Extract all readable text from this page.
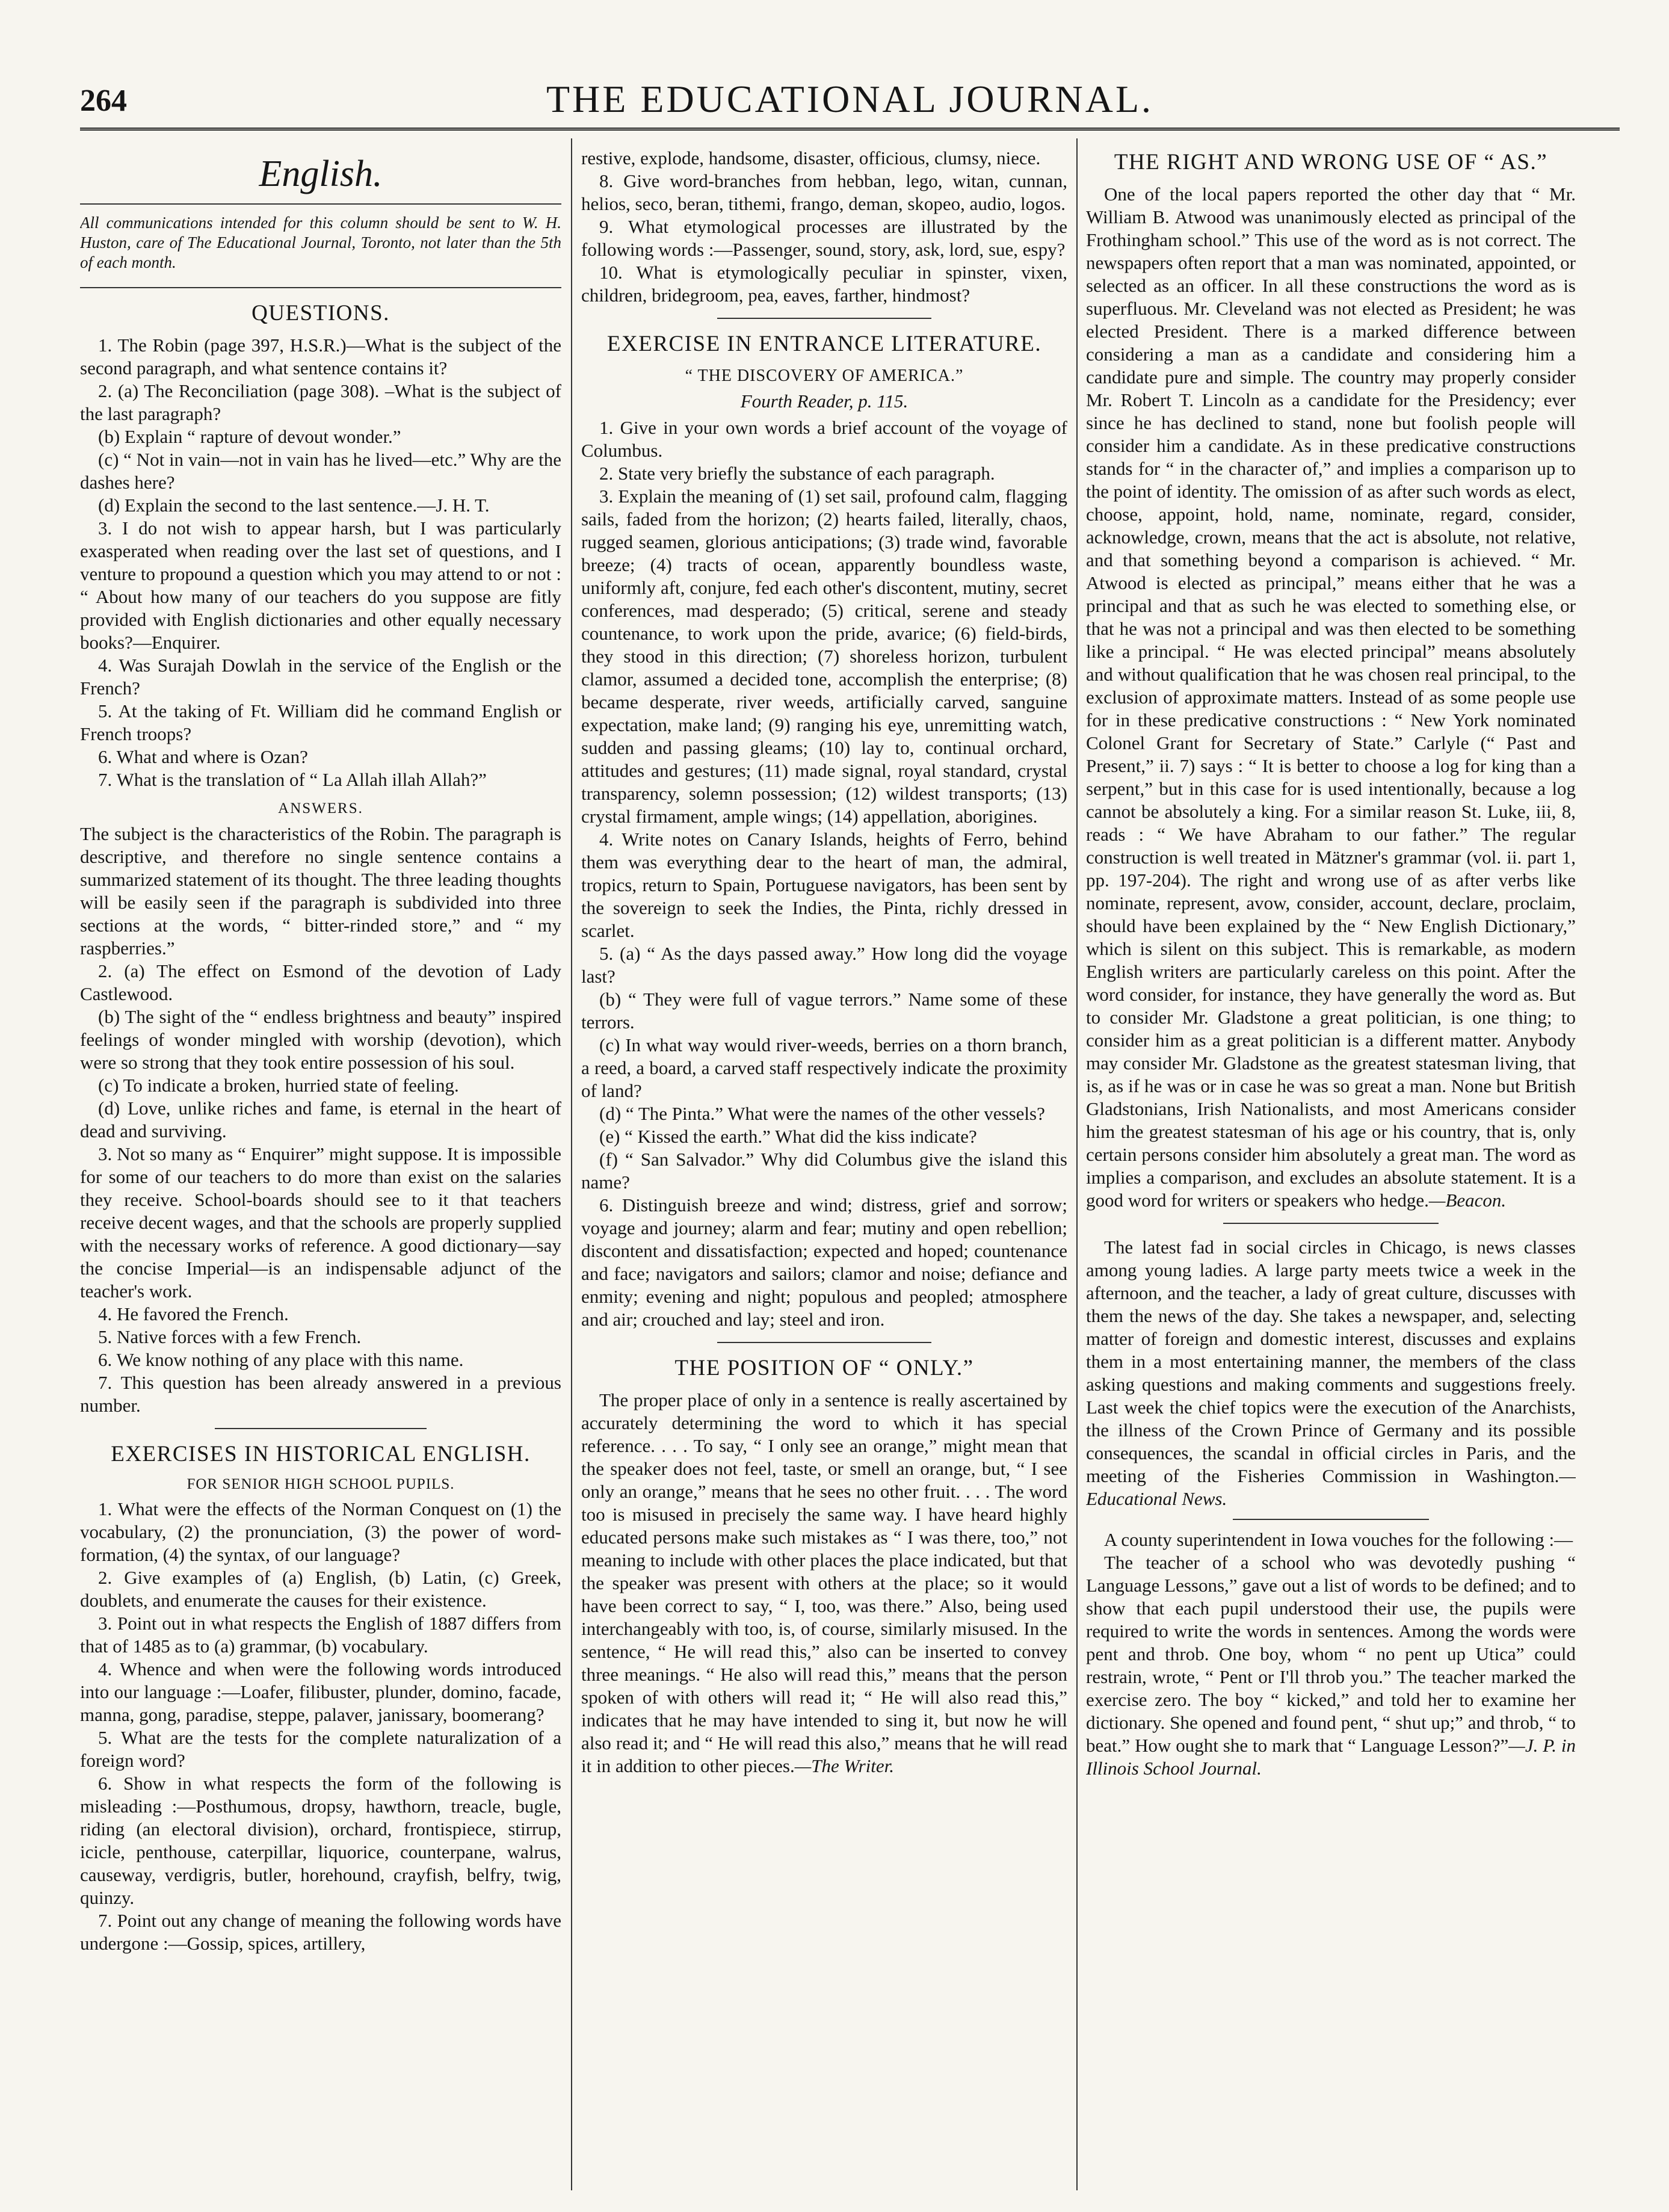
264	THE EDUCATIONAL JOURNAL.
English.

All communications intended for this column should be sent to W. H. Huston, care of The Educational Journal, Toronto, not later than the 5th of each month.

QUESTIONS.

1. The Robin (page 397, H.S.R.)—What is the subject of the second paragraph, and what sentence contains it?

2. (a) The Reconciliation (page 308). –What is the subject of the last paragraph?

(b) Explain “ rapture of devout wonder.”

(c) “ Not in vain—not in vain has he lived—etc.” Why are the dashes here?

(d) Explain the second to the last sentence.—J. H. T.

3. I do not wish to appear harsh, but I was particularly exasperated when reading over the last set of questions, and I venture to propound a question which you may attend to or not : “ About how many of our teachers do you suppose are fitly provided with English dictionaries and other equally necessary books?—Enquirer.

4. Was Surajah Dowlah in the service of the English or the French?

5. At the taking of Ft. William did he command English or French troops?

6. What and where is Ozan?

7. What is the translation of “ La Allah illah Allah?”

ANSWERS.

The subject is the characteristics of the Robin. The paragraph is descriptive, and therefore no single sentence contains a summarized statement of its thought. The three leading thoughts will be easily seen if the paragraph is subdivided into three sections at the words, “ bitter-rinded store,” and “ my raspberries.”

2. (a) The effect on Esmond of the devotion of Lady Castlewood.

(b) The sight of the “ endless brightness and beauty” inspired feelings of wonder mingled with worship (devotion), which were so strong that they took entire possession of his soul.

(c) To indicate a broken, hurried state of feeling.

(d) Love, unlike riches and fame, is eternal in the heart of dead and surviving.

3. Not so many as “ Enquirer” might suppose. It is impossible for some of our teachers to do more than exist on the salaries they receive. School-boards should see to it that teachers receive decent wages, and that the schools are properly supplied with the necessary works of reference. A good dictionary—say the concise Imperial—is an indispensable adjunct of the teacher's work.

4. He favored the French.

5. Native forces with a few French.

6. We know nothing of any place with this name.

7. This question has been already answered in a previous number.

EXERCISES IN HISTORICAL ENGLISH.
FOR SENIOR HIGH SCHOOL PUPILS.

1. What were the effects of the Norman Conquest on (1) the vocabulary, (2) the pronunciation, (3) the power of word-formation, (4) the syntax, of our language?

2. Give examples of (a) English, (b) Latin, (c) Greek, doublets, and enumerate the causes for their existence.

3. Point out in what respects the English of 1887 differs from that of 1485 as to (a) grammar, (b) vocabulary.

4. Whence and when were the following words introduced into our language :—Loafer, filibuster, plunder, domino, facade, manna, gong, paradise, steppe, palaver, janissary, boomerang?

5. What are the tests for the complete naturalization of a foreign word?

6. Show in what respects the form of the following is misleading :—Posthumous, dropsy, hawthorn, treacle, bugle, riding (an electoral division), orchard, frontispiece, stirrup, icicle, penthouse, caterpillar, liquorice, counterpane, walrus, causeway, verdigris, butler, horehound, crayfish, belfry, twig, quinzy.

7. Point out any change of meaning the following words have undergone :—Gossip, spices, artillery,

restive, explode, handsome, disaster, officious, clumsy, niece.

8. Give word-branches from hebban, lego, witan, cunnan, helios, seco, beran, tithemi, frango, deman, skopeo, audio, logos.

9. What etymological processes are illustrated by the following words :—Passenger, sound, story, ask, lord, sue, espy?

10. What is etymologically peculiar in spinster, vixen, children, bridegroom, pea, eaves, farther, hindmost?

EXERCISE IN ENTRANCE LITERATURE.
“ THE DISCOVERY OF AMERICA.”
Fourth Reader, p. 115.

1. Give in your own words a brief account of the voyage of Columbus.

2. State very briefly the substance of each paragraph.

3. Explain the meaning of (1) set sail, profound calm, flagging sails, faded from the horizon; (2) hearts failed, literally, chaos, rugged seamen, glorious anticipations; (3) trade wind, favorable breeze; (4) tracts of ocean, apparently boundless waste, uniformly aft, conjure, fed each other's discontent, mutiny, secret conferences, mad desperado; (5) critical, serene and steady countenance, to work upon the pride, avarice; (6) field-birds, they stood in this direction; (7) shoreless horizon, turbulent clamor, assumed a decided tone, accomplish the enterprise; (8) became desperate, river weeds, artificially carved, sanguine expectation, make land; (9) ranging his eye, unremitting watch, sudden and passing gleams; (10) lay to, continual orchard, attitudes and gestures; (11) made signal, royal standard, crystal transparency, solemn possession; (12) wildest transports; (13) crystal firmament, ample wings; (14) appellation, aborigines.

4. Write notes on Canary Islands, heights of Ferro, behind them was everything dear to the heart of man, the admiral, tropics, return to Spain, Portuguese navigators, has been sent by the sovereign to seek the Indies, the Pinta, richly dressed in scarlet.

5. (a) “ As the days passed away.” How long did the voyage last?

(b) “ They were full of vague terrors.” Name some of these terrors.

(c) In what way would river-weeds, berries on a thorn branch, a reed, a board, a carved staff respectively indicate the proximity of land?

(d) “ The Pinta.” What were the names of the other vessels?

(e) “ Kissed the earth.” What did the kiss indicate?

(f) “ San Salvador.” Why did Columbus give the island this name?

6. Distinguish breeze and wind; distress, grief and sorrow; voyage and journey; alarm and fear; mutiny and open rebellion; discontent and dissatisfaction; expected and hoped; countenance and face; navigators and sailors; clamor and noise; defiance and enmity; evening and night; populous and peopled; atmosphere and air; crouched and lay; steel and iron.

THE POSITION OF “ ONLY.”

The proper place of only in a sentence is really ascertained by accurately determining the word to which it has special reference. . . . To say, “ I only see an orange,” might mean that the speaker does not feel, taste, or smell an orange, but, “ I see only an orange,” means that he sees no other fruit. . . . The word too is misused in precisely the same way. I have heard highly educated persons make such mistakes as “ I was there, too,” not meaning to include with other places the place indicated, but that the speaker was present with others at the place; so it would have been correct to say, “ I, too, was there.” Also, being used interchangeably with too, is, of course, similarly misused. In the sentence, “ He will read this,” also can be inserted to convey three meanings. “ He also will read this,” means that the person spoken of with others will read it; “ He will also read this,” indicates that he may have intended to sing it, but now he will also read it; and “ He will read this also,” means that he will read it in addition to other pieces.—The Writer.

THE RIGHT AND WRONG USE OF “ AS.”

One of the local papers reported the other day that “ Mr. William B. Atwood was unanimously elected as principal of the Frothingham school.” This use of the word as is not correct. The newspapers often report that a man was nominated, appointed, or selected as an officer. In all these constructions the word as is superfluous. Mr. Cleveland was not elected as President; he was elected President. There is a marked difference between considering a man as a candidate and considering him a candidate pure and simple. The country may properly consider Mr. Robert T. Lincoln as a candidate for the Presidency; ever since he has declined to stand, none but foolish people will consider him a candidate. As in these predicative constructions stands for “ in the character of,” and implies a comparison up to the point of identity. The omission of as after such words as elect, choose, appoint, hold, name, nominate, regard, consider, acknowledge, crown, means that the act is absolute, not relative, and that something beyond a comparison is achieved. “ Mr. Atwood is elected as principal,” means either that he was a principal and that as such he was elected to something else, or that he was not a principal and was then elected to be something like a principal. “ He was elected principal” means absolutely and without qualification that he was chosen real principal, to the exclusion of approximate matters. Instead of as some people use for in these predicative constructions : “ New York nominated Colonel Grant for Secretary of State.” Carlyle (“ Past and Present,” ii. 7) says : “ It is better to choose a log for king than a serpent,” but in this case for is used intentionally, because a log cannot be absolutely a king. For a similar reason St. Luke, iii, 8, reads : “ We have Abraham to our father.” The regular construction is well treated in Mätzner's grammar (vol. ii. part 1, pp. 197-204). The right and wrong use of as after verbs like nominate, represent, avow, consider, account, declare, proclaim, should have been explained by the “ New English Dictionary,” which is silent on this subject. This is remarkable, as modern English writers are particularly careless on this point. After the word consider, for instance, they have generally the word as. But to consider Mr. Gladstone a great politician, is one thing; to consider him as a great politician is a different matter. Anybody may consider Mr. Gladstone as the greatest statesman living, that is, as if he was or in case he was so great a man. None but British Gladstonians, Irish Nationalists, and most Americans consider him the greatest statesman of his age or his country, that is, only certain persons consider him absolutely a great man. The word as implies a comparison, and excludes an absolute statement. It is a good word for writers or speakers who hedge.—Beacon.

The latest fad in social circles in Chicago, is news classes among young ladies. A large party meets twice a week in the afternoon, and the teacher, a lady of great culture, discusses with them the news of the day. She takes a newspaper, and, selecting matter of foreign and domestic interest, discusses and explains them in a most entertaining manner, the members of the class asking questions and making comments and suggestions freely. Last week the chief topics were the execution of the Anarchists, the illness of the Crown Prince of Germany and its possible consequences, the scandal in official circles in Paris, and the meeting of the Fisheries Commission in Washington.—Educational News.

A county superintendent in Iowa vouches for the following :—

The teacher of a school who was devotedly pushing “ Language Lessons,” gave out a list of words to be defined; and to show that each pupil understood their use, the pupils were required to write the words in sentences. Among the words were pent and throb. One boy, whom “ no pent up Utica” could restrain, wrote, “ Pent or I'll throb you.” The teacher marked the exercise zero. The boy “ kicked,” and told her to examine her dictionary. She opened and found pent, “ shut up;” and throb, “ to beat.” How ought she to mark that “ Language Lesson?”—J. P. in Illinois School Journal.
